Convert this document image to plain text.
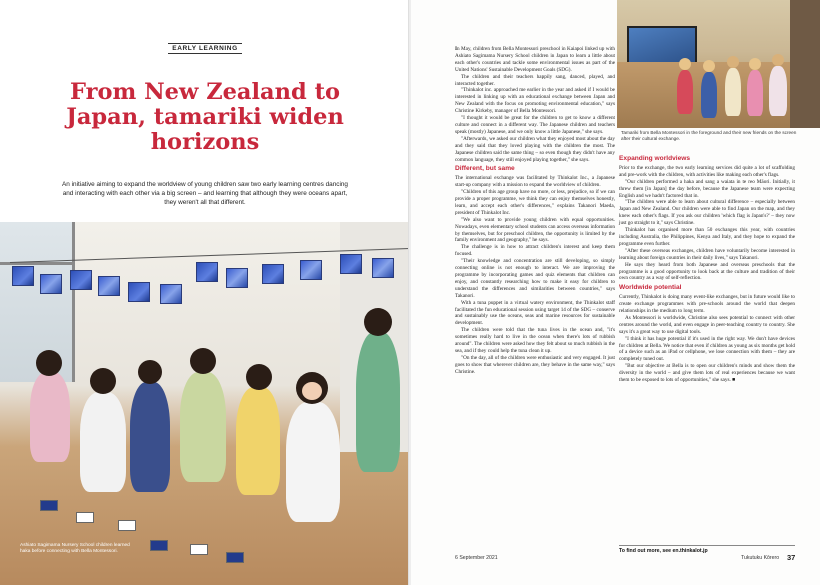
EARLY LEARNING
From New Zealand to Japan, tamariki widen horizons

An initiative aiming to expand the worldview of young children saw two early learning centres dancing and interacting with each other via a big screen – and learning that although they were oceans apart, they weren't all that different.

Ashiato Sagimama Nursery School children learned haka before connecting with Bella Montessori.

In May, children from Bella Montessori preschool in Kaiapoi linked up with Ashiato Sagimama Nursery School children in Japan to learn a little about each other's countries and tackle some environmental issues as part of the United Nations' Sustainable Development Goals (SDG).

The children and their teachers happily sang, danced, played, and interacted together.

"Thinkalot inc. approached me earlier in the year and asked if I would be interested in linking up with an educational exchange between Japan and New Zealand with the focus on promoting environmental education," says Christine Kirkeby, manager of Bella Montessori.

"I thought it would be great for the children to get to know a different culture and connect in a different way. The Japanese children and teachers speak (mostly) Japanese, and we only know a little Japanese," she says.

"Afterwards, we asked our children what they enjoyed most about the day and they said that they loved playing with the children the most. The Japanese children said the same thing – so even though they didn't have any common language, they still enjoyed playing together," she says.

Different, but same

The international exchange was facilitated by Thinkalot Inc., a Japanese start-up company with a mission to expand the worldview of children.

"Children of this age group have no more, or less, prejudice, so if we can provide a proper programme, we think they can enjoy themselves honestly, learn, and accept each other's differences," explains Takanori Maeda, president of Thinkalot Inc.

"We also want to provide young children with equal opportunities. Nowadays, even elementary school students can access overseas information by themselves, but for preschool children, the opportunity is limited by the family environment and geography," he says.

The challenge is in how to attract children's interest and keep them focused.

"Their knowledge and concentration are still developing, so simply connecting online is not enough to interact. We are improving the programme by incorporating games and quiz elements that children can enjoy, and constantly researching how to make it easy for children to understand the differences and similarities between countries," says Takanori.

With a tuna puppet in a virtual watery environment, the Thinkalot staff facilitated the fun educational session using target 14 of the SDG – conserve and sustainably use the oceans, seas and marine resources for sustainable development.

The children were told that the tuna lives in the ocean and, "it's sometimes really hard to live in the ocean when there's lots of rubbish around". The children were asked how they felt about so much rubbish in the sea, and if they could help the tuna clean it up.

"On the day, all of the children were enthusiastic and very engaged. It just goes to show that wherever children are, they behave in the same way," says Christine.

Tamariki from Bella Montessori in the foreground and their new friends on the screen after their cultural exchange.

Expanding worldviews

Prior to the exchange, the two early learning services did quite a lot of scaffolding and pre-work with the children, with activities like making each other's flags.

"Our children performed a haka and sang a waiata in te reo Māori. Initially, it threw them [in Japan] the day before, because the Japanese team were expecting English and we hadn't factored that in.

"The children were able to learn about cultural difference – especially between Japan and New Zealand. Our children were able to find Japan on the map, and they knew each other's flags. If you ask our children 'which flag is Japan's?' – they now just go straight to it," says Christine.

Thinkalot has organised more than 50 exchanges this year, with countries including Australia, the Philippines, Kenya and Italy, and they hope to expand the programme even further.

"After these overseas exchanges, children have voluntarily become interested in learning about foreign countries in their daily lives," says Takanori.

He says they heard from both Japanese and overseas preschools that the programme is a good opportunity to look back at the culture and tradition of their own country as a way of self-reflection.

Worldwide potential

Currently, Thinkalot is doing many event-like exchanges, but in future would like to create exchange programmes with pre-schools around the world that deepen relationships in the medium to long term.

As Montessori is worldwide, Christine also sees potential to connect with other centres around the world, and even engage in peer-teaching country to country. She says it's a great way to use digital tools.

"I think it has huge potential if it's used in the right way. We don't have devices for children at Bella. We notice that even if children as young as six months get hold of a device such as an iPad or cellphone, we lose connection with them – they are completely tuned out.

"But our objective at Bella is to open our children's minds and show them the diversity in the world – and give them lots of real experiences because we want them to be exposed to lots of opportunities," she says. ■

To find out more, see en.thinkalot.jp

6 September 2021	Tukutuku Kōrero 37
